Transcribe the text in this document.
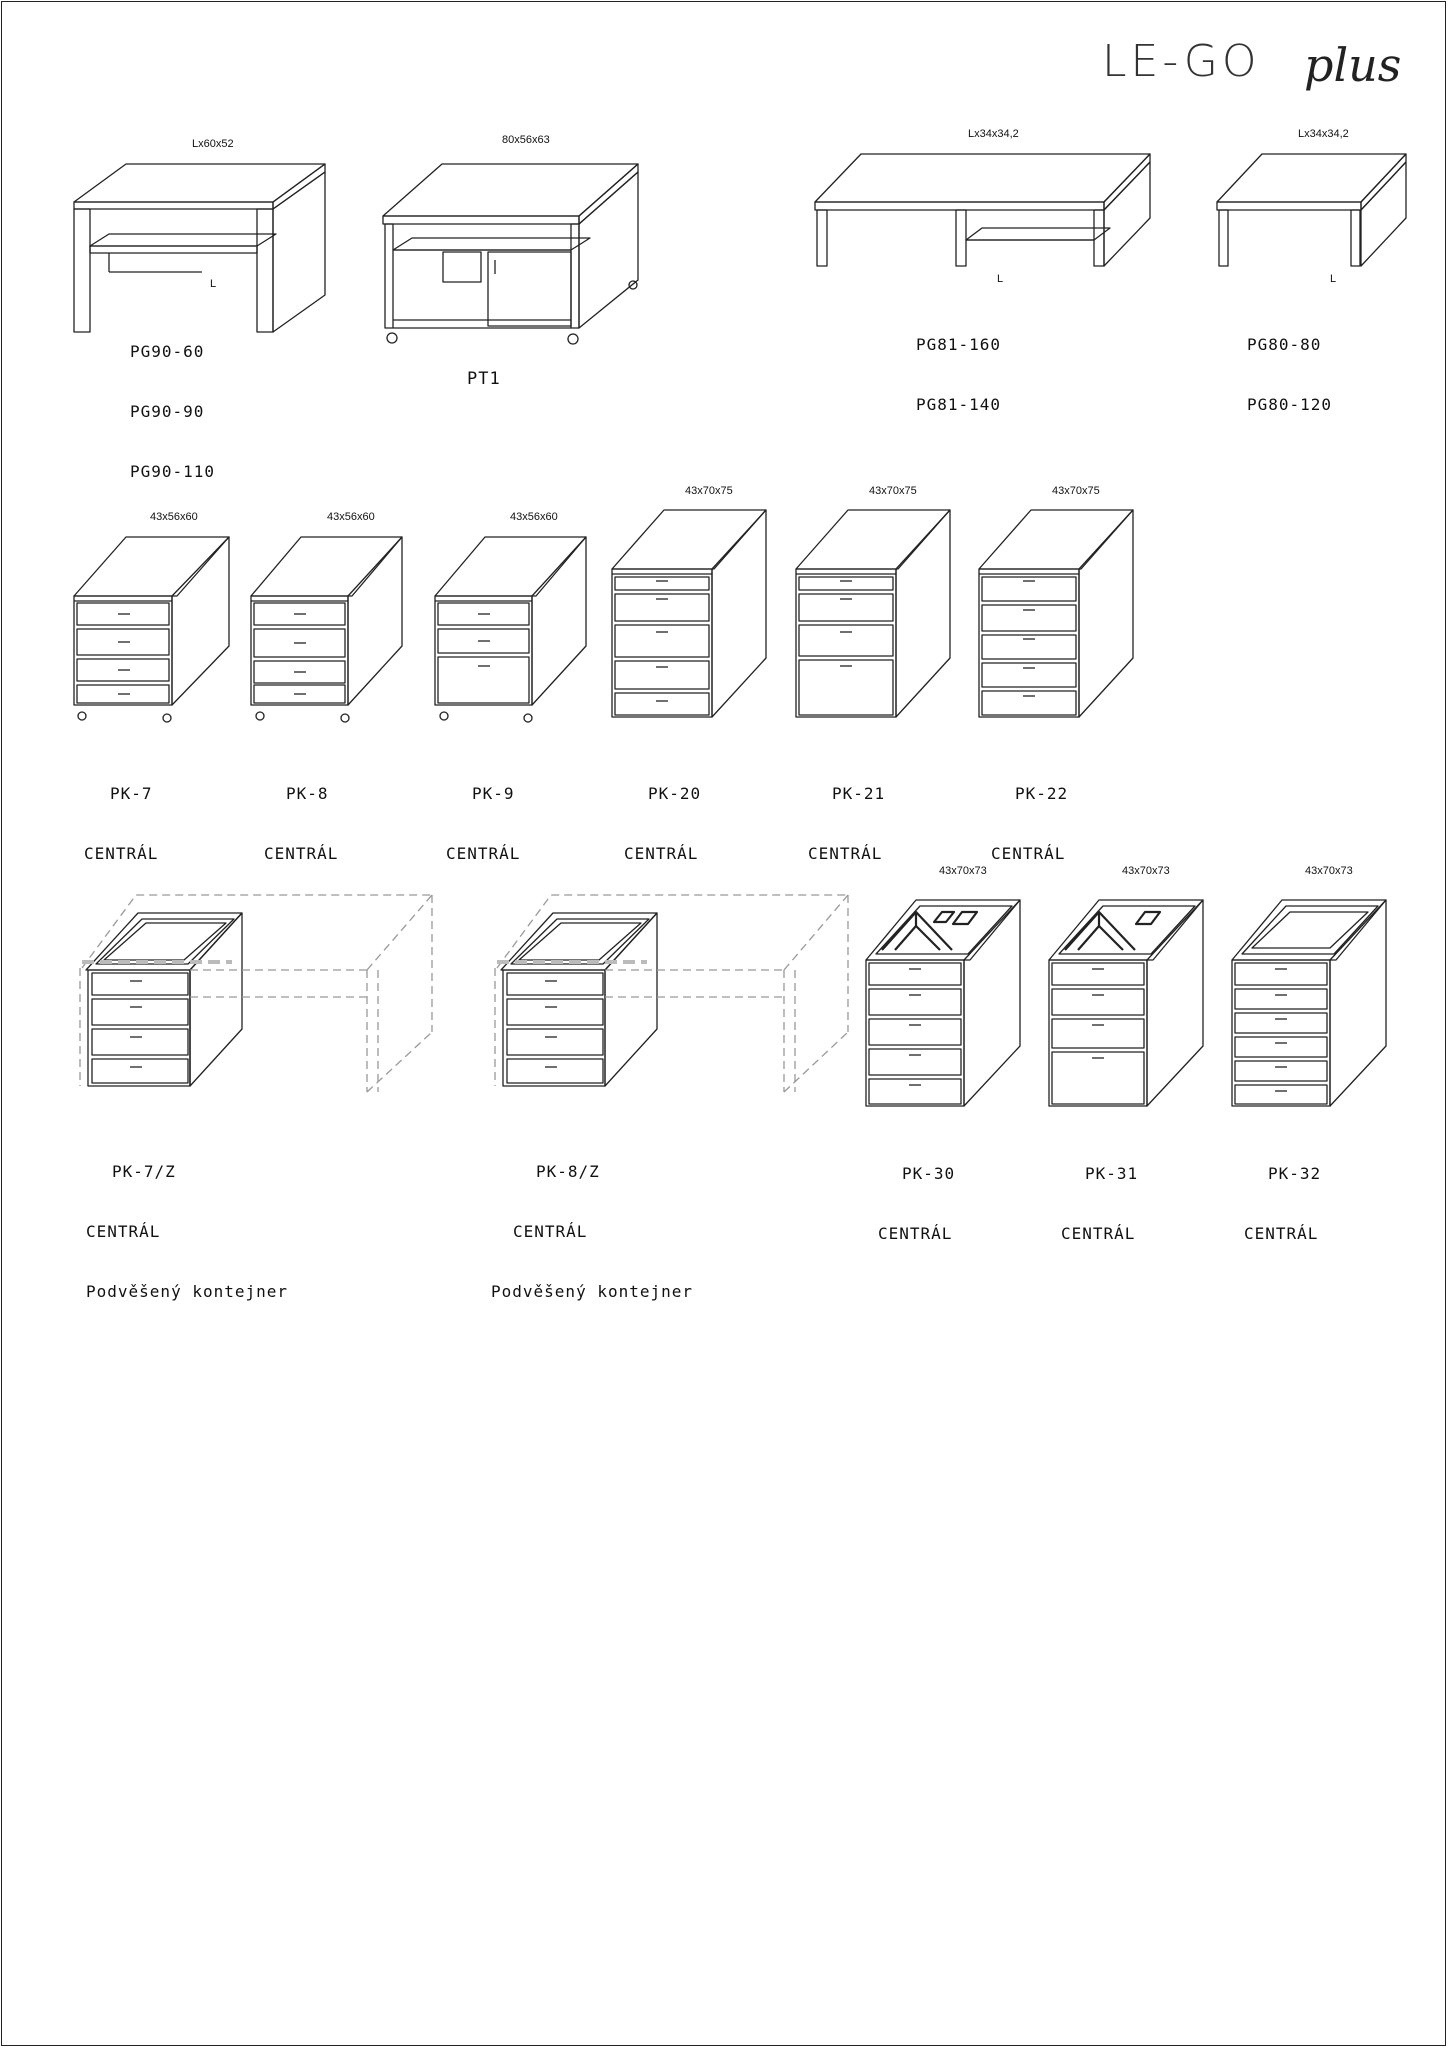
LE-GO plus
Lx60x52
L

PG90-60

PG90-90

PG90-110

80x56x63
PT1
Lx34x34,2
L

PG81-160

PG81-140

Lx34x34,2
L

PG80-80

PG80-120

43x56x60

PK-7

CENTRÁL

43x56x60

PK-8

CENTRÁL

43x56x60

PK-9

CENTRÁL

43x70x75

PK-20

CENTRÁL

43x70x75

PK-21

CENTRÁL

43x70x75

PK-22

CENTRÁL

PK-7/Z

CENTRÁL

Podvěšený kontejner

PK-8/Z

CENTRÁL

Podvěšený kontejner

43x70x73

PK-30

CENTRÁL

43x70x73

PK-31

CENTRÁL

43x70x73

PK-32

CENTRÁL
